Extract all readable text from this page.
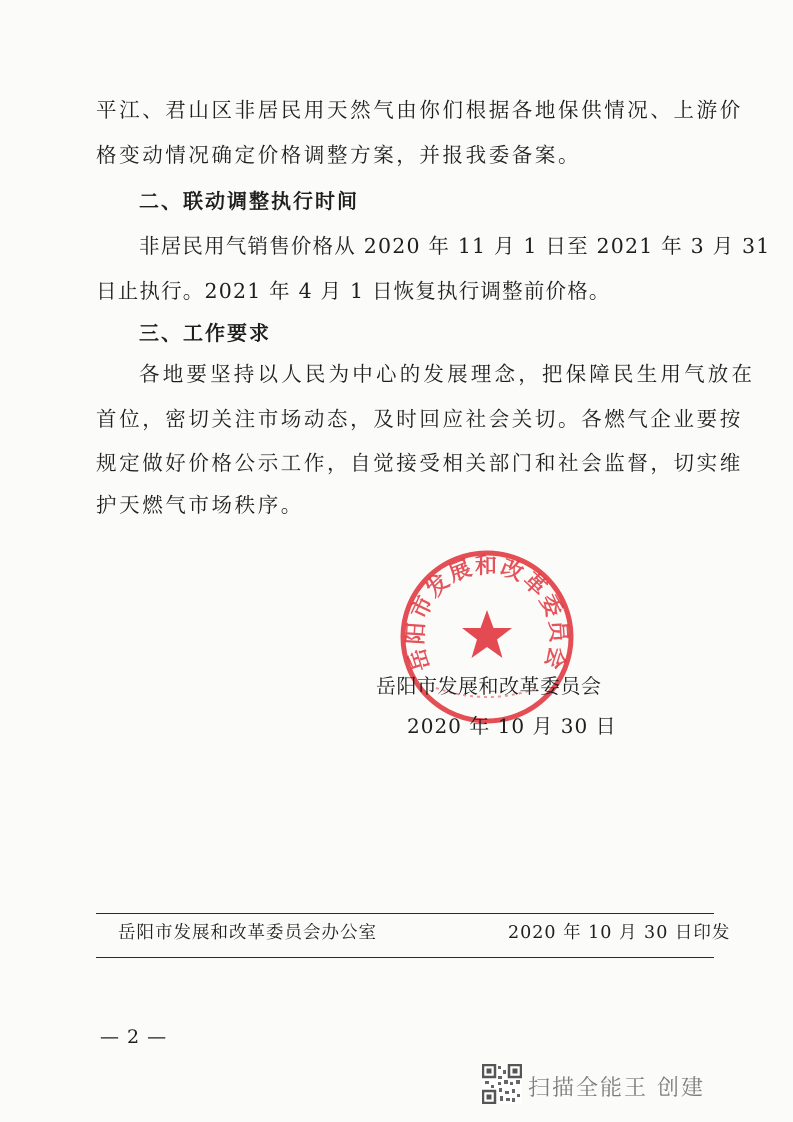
平江、君山区非居民用天然气由你们根据各地保供情况、上游价
格变动情况确定价格调整方案，并报我委备案。
二、联动调整执行时间
非居民用气销售价格从 2020 年 11 月 1 日至 2021 年 3 月 31
日止执行。2021 年 4 月 1 日恢复执行调整前价格。
三、工作要求
各地要坚持以人民为中心的发展理念，把保障民生用气放在
首位，密切关注市场动态，及时回应社会关切。各燃气企业要按
规定做好价格公示工作，自觉接受相关部门和社会监督，切实维
护天燃气市场秩序。
岳阳市发展和改革委员会
岳阳市发展和改革委员会
2020 年 10 月 30 日
岳阳市发展和改革委员会办公室	2020 年 10 月 30 日印发
— 2 —
扫描全能王 创建
